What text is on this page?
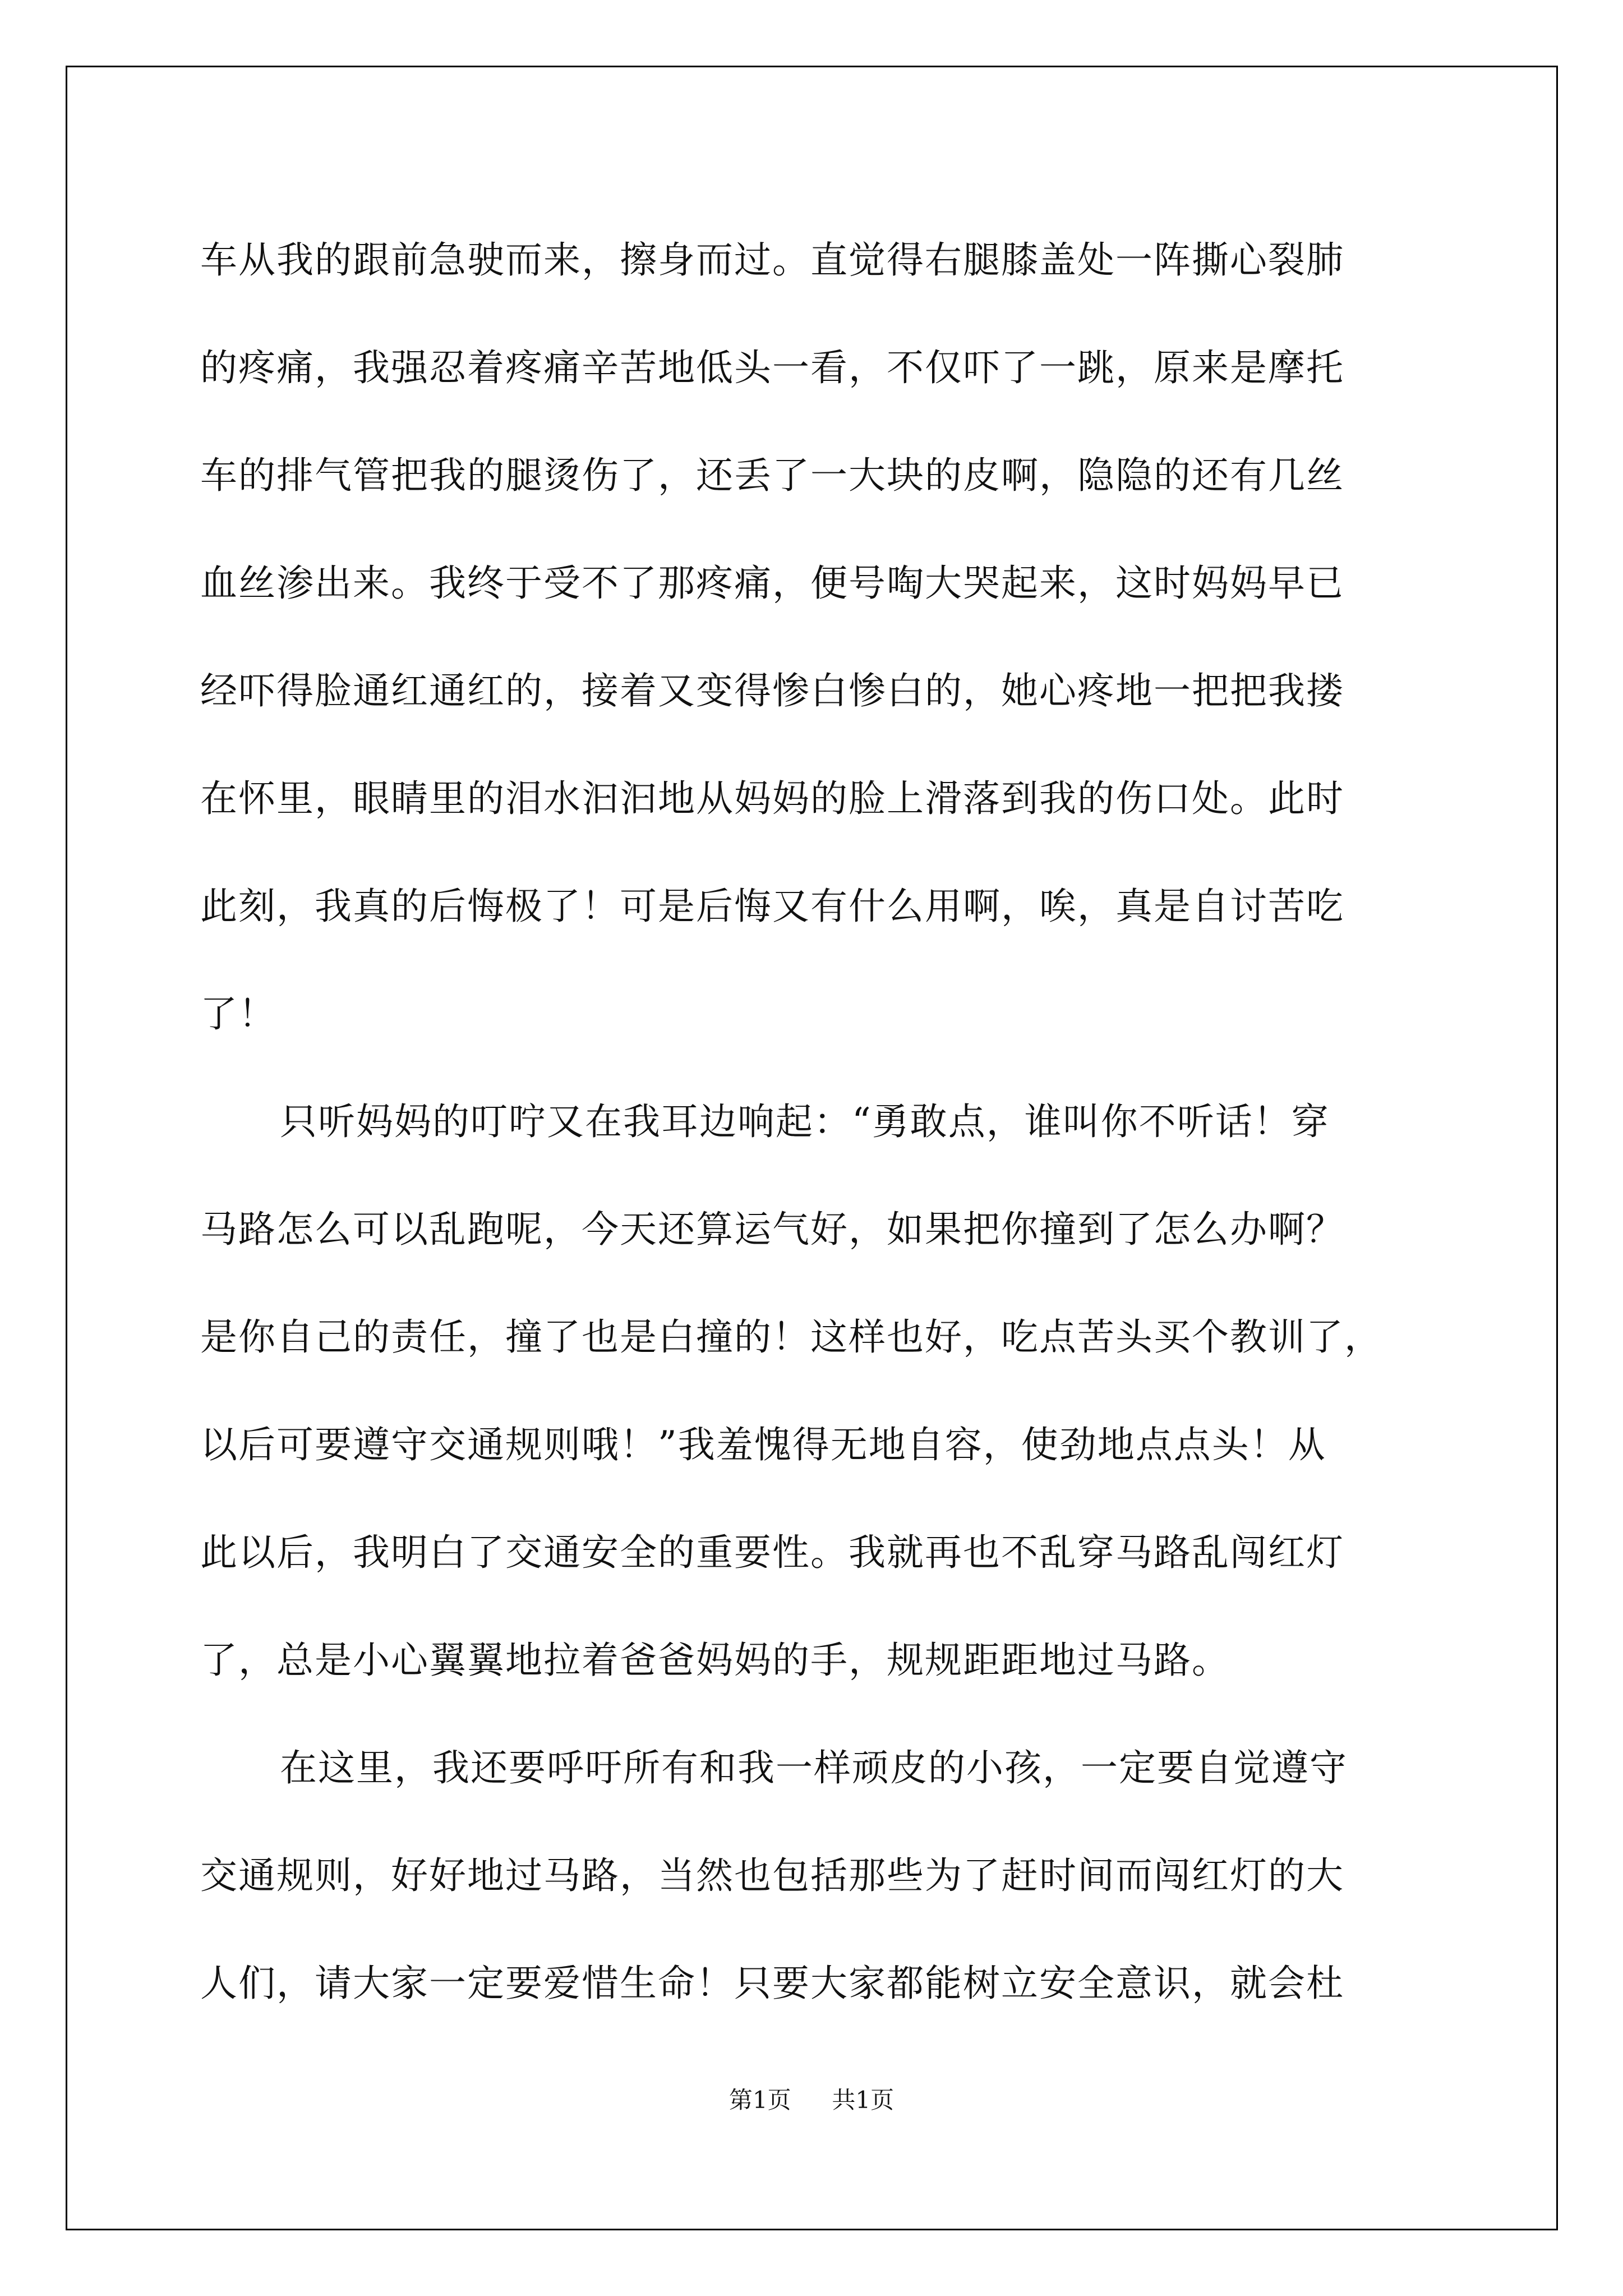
车从我的跟前急驶而来，擦身而过。直觉得右腿膝盖处一阵撕心裂肺

的疼痛，我强忍着疼痛辛苦地低头一看，不仅吓了一跳，原来是摩托

车的排气管把我的腿烫伤了，还丢了一大块的皮啊，隐隐的还有几丝

血丝渗出来。我终于受不了那疼痛，便号啕大哭起来，这时妈妈早已

经吓得脸通红通红的，接着又变得惨白惨白的，她心疼地一把把我搂

在怀里，眼睛里的泪水汩汩地从妈妈的脸上滑落到我的伤口处。此时

此刻，我真的后悔极了！可是后悔又有什么用啊，唉，真是自讨苦吃

了！

只听妈妈的叮咛又在我耳边响起：“勇敢点，谁叫你不听话！穿

马路怎么可以乱跑呢，今天还算运气好，如果把你撞到了怎么办啊？

是你自己的责任，撞了也是白撞的！这样也好，吃点苦头买个教训了，

以后可要遵守交通规则哦！”我羞愧得无地自容，使劲地点点头！从

此以后，我明白了交通安全的重要性。我就再也不乱穿马路乱闯红灯

了，总是小心翼翼地拉着爸爸妈妈的手，规规距距地过马路。

在这里，我还要呼吁所有和我一样顽皮的小孩，一定要自觉遵守

交通规则，好好地过马路，当然也包括那些为了赶时间而闯红灯的大

人们，请大家一定要爱惜生命！只要大家都能树立安全意识，就会杜

第1页 共1页
